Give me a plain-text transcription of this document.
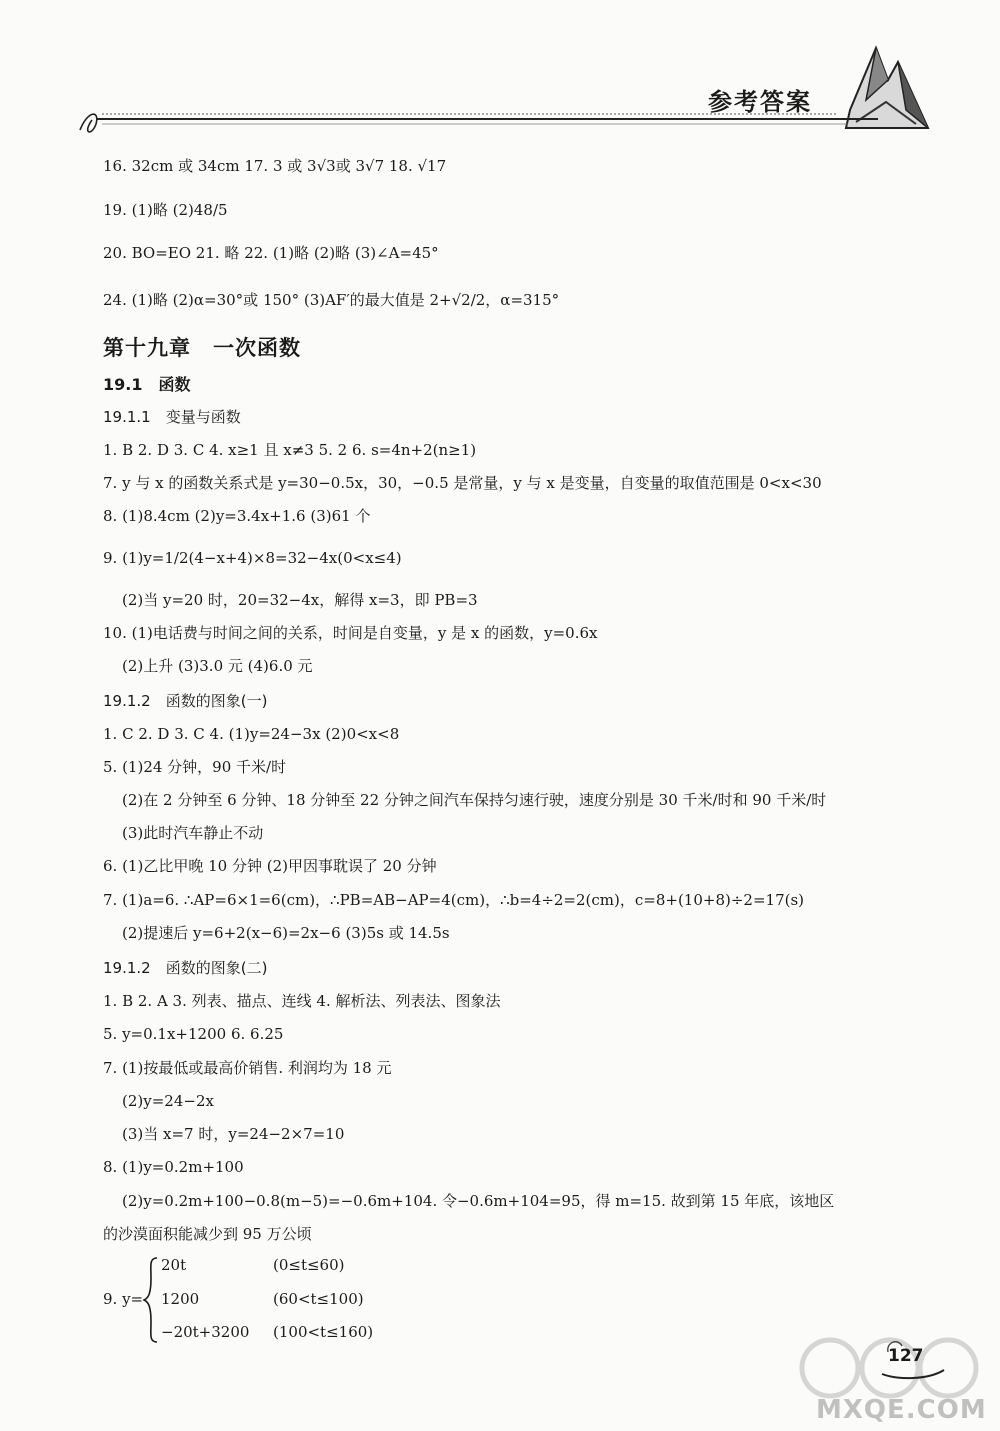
参考答案
16. 32cm 或 34cm 17. 3 或 3√3或 3√7 18. √17
19. (1)略 (2)48/5
20. BO=EO 21. 略 22. (1)略 (2)略 (3)∠A=45°
24. (1)略 (2)α=30°或 150° (3)AF′的最大值是 2+√2/2，α=315°
第十九章　一次函数
19.1　函数
19.1.1　变量与函数
1. B 2. D 3. C 4. x≥1 且 x≠3 5. 2 6. s=4n+2(n≥1)
7. y 与 x 的函数关系式是 y=30−0.5x，30，−0.5 是常量，y 与 x 是变量，自变量的取值范围是 0<x<30
8. (1)8.4cm (2)y=3.4x+1.6 (3)61 个
9. (1)y=1/2(4−x+4)×8=32−4x(0<x≤4)
(2)当 y=20 时，20=32−4x，解得 x=3，即 PB=3
10. (1)电话费与时间之间的关系，时间是自变量，y 是 x 的函数，y=0.6x
(2)上升 (3)3.0 元 (4)6.0 元
19.1.2　函数的图象(一)
1. C 2. D 3. C 4. (1)y=24−3x (2)0<x<8
5. (1)24 分钟，90 千米/时
(2)在 2 分钟至 6 分钟、18 分钟至 22 分钟之间汽车保持匀速行驶，速度分别是 30 千米/时和 90 千米/时
(3)此时汽车静止不动
6. (1)乙比甲晚 10 分钟 (2)甲因事耽误了 20 分钟
7. (1)a=6. ∴AP=6×1=6(cm)，∴PB=AB−AP=4(cm)，∴b=4÷2=2(cm)，c=8+(10+8)÷2=17(s)
(2)提速后 y=6+2(x−6)=2x−6 (3)5s 或 14.5s
19.1.2　函数的图象(二)
1. B 2. A 3. 列表、描点、连线 4. 解析法、列表法、图象法
5. y=0.1x+1200 6. 6.25
7. (1)按最低或最高价销售. 利润均为 18 元
(2)y=24−2x
(3)当 x=7 时，y=24−2×7=10
8. (1)y=0.2m+100
(2)y=0.2m+100−0.8(m−5)=−0.6m+104. 令−0.6m+104=95，得 m=15. 故到第 15 年底，该地区
的沙漠面积能减少到 95 万公顷
9. y=
20t	(0≤t≤60)
1200	(60<t≤100)
−20t+3200 (100<t≤160)
127
MXQE.COM
